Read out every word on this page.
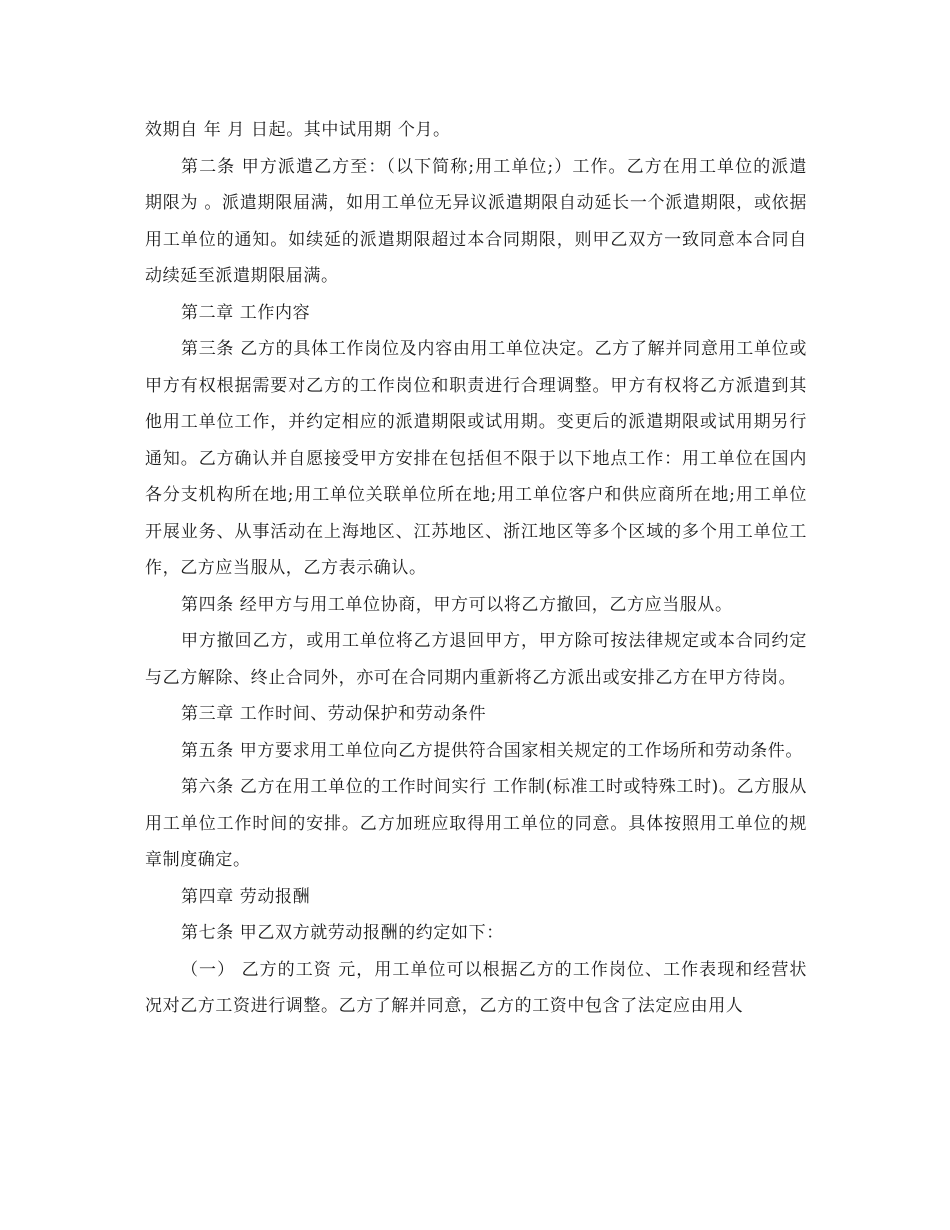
效期自 年 月 日起。其中试用期 个月。

第二条 甲方派遣乙方至：（以下简称;用工单位;）工作。乙方在用工单位的派遣期限为 。派遣期限届满，如用工单位无异议派遣期限自动延长一个派遣期限，或依据用工单位的通知。如续延的派遣期限超过本合同期限，则甲乙双方一致同意本合同自动续延至派遣期限届满。

第二章 工作内容

第三条 乙方的具体工作岗位及内容由用工单位决定。乙方了解并同意用工单位或甲方有权根据需要对乙方的工作岗位和职责进行合理调整。甲方有权将乙方派遣到其他用工单位工作，并约定相应的派遣期限或试用期。变更后的派遣期限或试用期另行通知。乙方确认并自愿接受甲方安排在包括但不限于以下地点工作：用工单位在国内各分支机构所在地;用工单位关联单位所在地;用工单位客户和供应商所在地;用工单位开展业务、从事活动在上海地区、江苏地区、浙江地区等多个区域的多个用工单位工作，乙方应当服从，乙方表示确认。

第四条 经甲方与用工单位协商，甲方可以将乙方撤回，乙方应当服从。

甲方撤回乙方，或用工单位将乙方退回甲方，甲方除可按法律规定或本合同约定与乙方解除、终止合同外，亦可在合同期内重新将乙方派出或安排乙方在甲方待岗。

第三章 工作时间、劳动保护和劳动条件

第五条 甲方要求用工单位向乙方提供符合国家相关规定的工作场所和劳动条件。

第六条 乙方在用工单位的工作时间实行 工作制(标准工时或特殊工时)。乙方服从用工单位工作时间的安排。乙方加班应取得用工单位的同意。具体按照用工单位的规章制度确定。

第四章 劳动报酬

第七条 甲乙双方就劳动报酬的约定如下：

（一） 乙方的工资 元，用工单位可以根据乙方的工作岗位、工作表现和经营状况对乙方工资进行调整。乙方了解并同意，乙方的工资中包含了法定应由用人
